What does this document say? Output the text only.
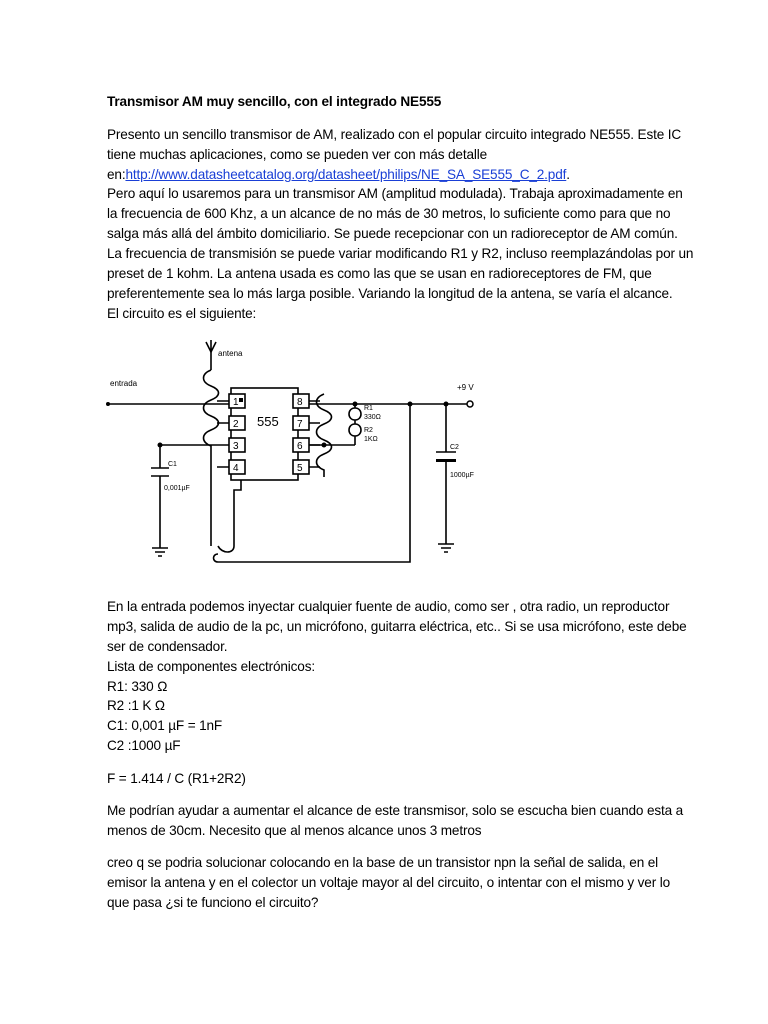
Transmisor AM muy sencillo, con el integrado NE555
Presento un sencillo transmisor de AM, realizado con el popular circuito integrado NE555. Este IC
tiene muchas aplicaciones, como se pueden ver con más detalle
en:http://www.datasheetcatalog.org/datasheet/philips/NE_SA_SE555_C_2.pdf.
Pero aquí lo usaremos para un transmisor AM (amplitud modulada). Trabaja aproximadamente en
la frecuencia de 600 Khz, a un alcance de no más de 30 metros, lo suficiente como para que no
salga más allá del ámbito domiciliario. Se puede recepcionar con un radioreceptor de AM común.
La frecuencia de transmisión se puede variar modificando R1 y R2, incluso reemplazándolas por un
preset de 1 kohm. La antena usada es como las que se usan en radioreceptores de FM, que
preferentemente sea lo más larga posible. Variando la longitud de la antena, se varía el alcance.
El circuito es el siguiente:
antena
entrada	+9 V
555
1
2
3
4
8
7
6
5
R1
330Ω
R2
1KΩ
C1
0,001µF
C2
1000µF
En la entrada podemos inyectar cualquier fuente de audio, como ser , otra radio, un reproductor
mp3, salida de audio de la pc, un micrófono, guitarra eléctrica, etc.. Si se usa micrófono, este debe
ser de condensador.
Lista de componentes electrónicos:
R1: 330 Ω
R2 :1 K Ω
C1: 0,001 µF = 1nF
C2 :1000 µF
F = 1.414 / C (R1+2R2)
Me podrían ayudar a aumentar el alcance de este transmisor, solo se escucha bien cuando esta a
menos de 30cm. Necesito que al menos alcance unos 3 metros
creo q se podria solucionar colocando en la base de un transistor npn la señal de salida, en el
emisor la antena y en el colector un voltaje mayor al del circuito, o intentar con el mismo y ver lo
que pasa ¿si te funciono el circuito?
